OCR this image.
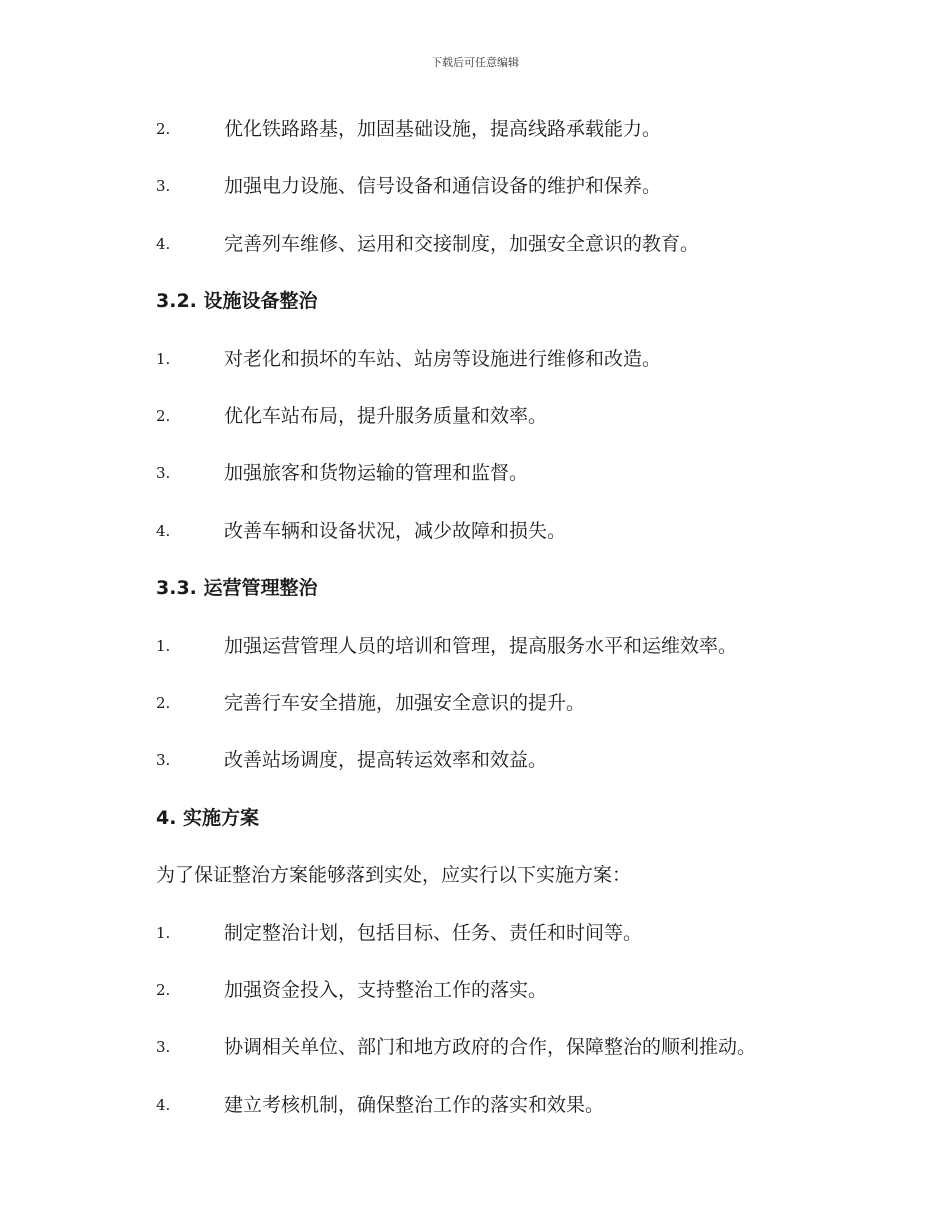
下载后可任意编辑
2.	优化铁路路基，加固基础设施，提高线路承载能力。
3.	加强电力设施、信号设备和通信设备的维护和保养。
4.	完善列车维修、运用和交接制度，加强安全意识的教育。
3.2. 设施设备整治
1.	对老化和损坏的车站、站房等设施进行维修和改造。
2.	优化车站布局，提升服务质量和效率。
3.	加强旅客和货物运输的管理和监督。
4.	改善车辆和设备状况，减少故障和损失。
3.3. 运营管理整治
1.	加强运营管理人员的培训和管理，提高服务水平和运维效率。
2.	完善行车安全措施，加强安全意识的提升。
3.	改善站场调度，提高转运效率和效益。
4. 实施方案
为了保证整治方案能够落到实处，应实行以下实施方案：
1.	制定整治计划，包括目标、任务、责任和时间等。
2.	加强资金投入，支持整治工作的落实。
3.	协调相关单位、部门和地方政府的合作，保障整治的顺利推动。
4.	建立考核机制，确保整治工作的落实和效果。
